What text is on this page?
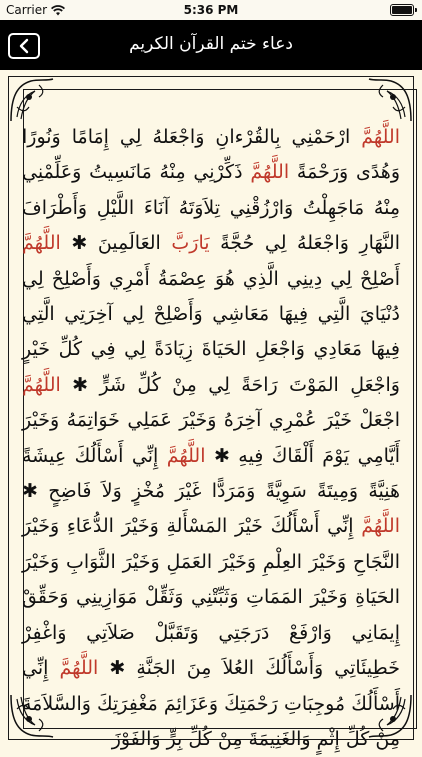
Carrier	5:36 PM
دعاء ختم القرآن الكريم
اللَّهُمَّ ارْحَمْنِي بِالقُرْءانِ وَاجْعَلهُ لِي إِمَامًا وَنُورًا وَهُدًى وَرَحْمَةً اللَّهُمَّ ذَكِّرْنِي مِنْهُ مَانَسِيتُ وَعَلِّمْنِي مِنْهُ مَاجَهِلْتُ وَارْزُقْنِي تِلاَوَتَهُ آنَاءَ اللَّيْلِ وَأَطْرَافَ النَّهَارِ وَاجْعَلهُ لِي حُجَّةً يَارَبَّ العَالَمِينَ ✱ اللَّهُمَّ أَصْلِحْ لِي دِينِي الَّذِي هُوَ عِصْمَةُ أَمْرِي وَأَصْلِحْ لِي دُنْيَايَ الَّتِي فِيهَا مَعَاشِي وَأَصْلِحْ لِي آخِرَتِي الَّتِي فِيهَا مَعَادِي وَاجْعَلِ الحَيَاةَ زِيَادَةً لِي فِي كُلِّ خَيْرٍ وَاجْعَلِ المَوْتَ رَاحَةً لِي مِنْ كُلِّ شَرٍّ ✱ اللَّهُمَّ اجْعَلْ خَيْرَ عُمْرِي آخِرَهُ وَخَيْرَ عَمَلِي خَوَاتِمَهُ وَخَيْرَ أَيَّامِي يَوْمَ أَلْقَاكَ فِيهِ ✱ اللَّهُمَّ إِنِّي أَسْأَلُكَ عِيشَةً هَنِيَّةً وَمِيتَةً سَوِيَّةً وَمَرَدًّا غَيْرَ مُخْزٍ وَلاَ فَاضِحٍ ✱ اللَّهُمَّ إِنِّي أَسْأَلُكَ خَيْرَ المَسْأَلةِ وَخَيْرَ الدُّعَاءِ وَخَيْرَ النَّجَاحِ وَخَيْرَ العِلْمِ وَخَيْرَ العَمَلِ وَخَيْرَ الثَّوَابِ وَخَيْرَ الحَيَاةِ وَخَيْرَ المَمَاتِ وَثَبِّتْنِي وَثَقِّلْ مَوَازِينِي وَحَقِّقْ إِيمَانِي وَارْفَعْ دَرَجَتِي وَتَقَبَّلْ صَلاَتِي وَاغْفِرْ خَطِيئَاتِي وَأَسْأَلُكَ العُلاَ مِنَ الجَنَّةِ ✱ اللَّهُمَّ إِنِّي أَسْأَلُكَ مُوجِبَاتِ رَحْمَتِكَ وَعَزَائِمَ مَغْفِرَتِكَ وَالسَّلاَمَةَ مِنْ كُلِّ إِثْمٍ وَالغَنِيمَةَ مِنْ كُلِّ بِرٍّ وَالفَوْزَ
